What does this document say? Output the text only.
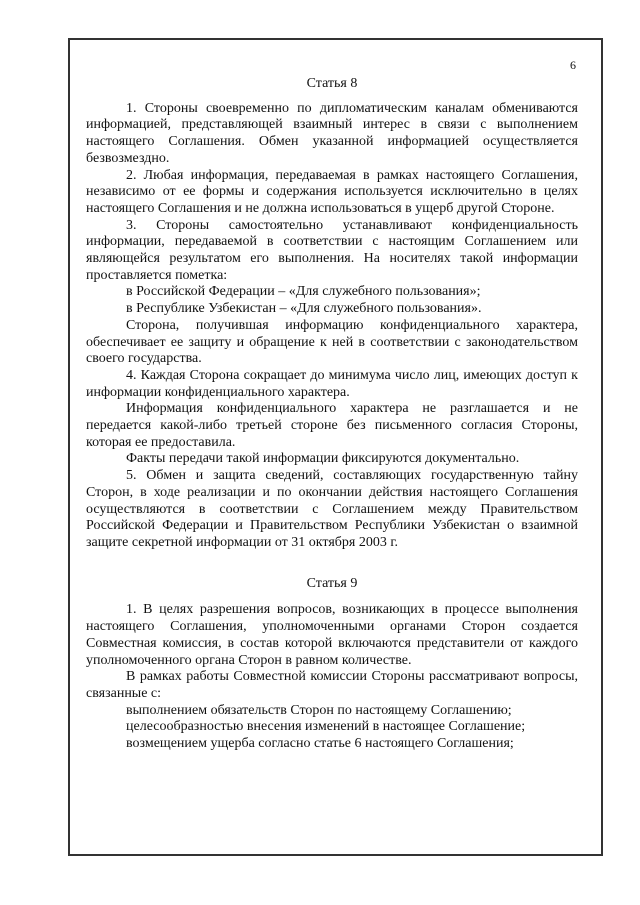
6

Статья 8

1. Стороны своевременно по дипломатическим каналам обмениваются информацией, представляющей взаимный интерес в связи с выполнением настоящего Соглашения. Обмен указанной информацией осуществляется безвозмездно.

2. Любая информация, передаваемая в рамках настоящего Соглашения, независимо от ее формы и содержания используется исключительно в целях настоящего Соглашения и не должна использоваться в ущерб другой Стороне.

3. Стороны самостоятельно устанавливают конфиденциальность информации, передаваемой в соответствии с настоящим Соглашением или являющейся результатом его выполнения. На носителях такой информации проставляется пометка:

в Российской Федерации – «Для служебного пользования»;

в Республике Узбекистан – «Для служебного пользования».

Сторона, получившая информацию конфиденциального характера, обеспечивает ее защиту и обращение к ней в соответствии с законодательством своего государства.

4. Каждая Сторона сокращает до минимума число лиц, имеющих доступ к информации конфиденциального характера.

Информация конфиденциального характера не разглашается и не передается какой-либо третьей стороне без письменного согласия Стороны, которая ее предоставила.

Факты передачи такой информации фиксируются документально.

5. Обмен и защита сведений, составляющих государственную тайну Сторон, в ходе реализации и по окончании действия настоящего Соглашения осуществляются в соответствии с Соглашением между Правительством Российской Федерации и Правительством Республики Узбекистан о взаимной защите секретной информации от 31 октября 2003 г.

Статья 9

1. В целях разрешения вопросов, возникающих в процессе выполнения настоящего Соглашения, уполномоченными органами Сторон создается Совместная комиссия, в состав которой включаются представители от каждого уполномоченного органа Сторон в равном количестве.

В рамках работы Совместной комиссии Стороны рассматривают вопросы, связанные с:

выполнением обязательств Сторон по настоящему Соглашению;

целесообразностью внесения изменений в настоящее Соглашение;

возмещением ущерба согласно статье 6 настоящего Соглашения;
